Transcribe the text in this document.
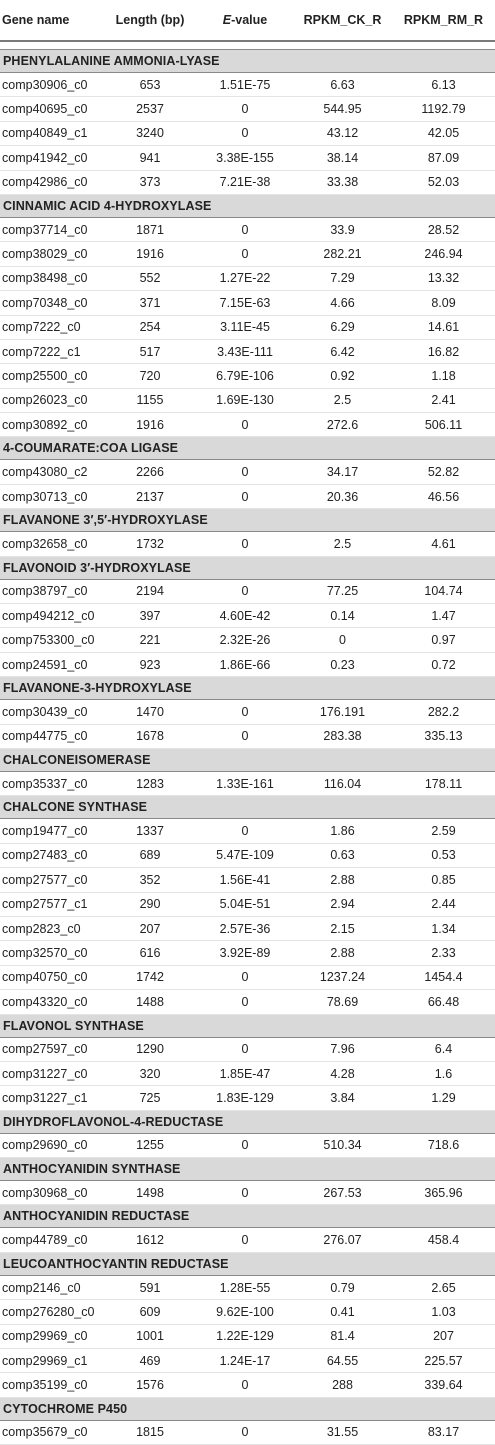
Gene name	Length (bp)	E-value	RPKM_CK_R	RPKM_RM_R

PHENYLALANINE AMMONIA-LYASE				
comp30906_c0	653	1.51E-75	6.63	6.13
comp40695_c0	2537	0	544.95	1192.79
comp40849_c1	3240	0	43.12	42.05
comp41942_c0	941	3.38E-155	38.14	87.09
comp42986_c0	373	7.21E-38	33.38	52.03
CINNAMIC ACID 4-HYDROXYLASE				
comp37714_c0	1871	0	33.9	28.52
comp38029_c0	1916	0	282.21	246.94
comp38498_c0	552	1.27E-22	7.29	13.32
comp70348_c0	371	7.15E-63	4.66	8.09
comp7222_c0	254	3.11E-45	6.29	14.61
comp7222_c1	517	3.43E-111	6.42	16.82
comp25500_c0	720	6.79E-106	0.92	1.18
comp26023_c0	1155	1.69E-130	2.5	2.41
comp30892_c0	1916	0	272.6	506.11
4-COUMARATE:COA LIGASE				
comp43080_c2	2266	0	34.17	52.82
comp30713_c0	2137	0	20.36	46.56
FLAVANONE 3′,5′-HYDROXYLASE				
comp32658_c0	1732	0	2.5	4.61
FLAVONOID 3′-HYDROXYLASE				
comp38797_c0	2194	0	77.25	104.74
comp494212_c0	397	4.60E-42	0.14	1.47
comp753300_c0	221	2.32E-26	0	0.97
comp24591_c0	923	1.86E-66	0.23	0.72
FLAVANONE-3-HYDROXYLASE				
comp30439_c0	1470	0	176.191	282.2
comp44775_c0	1678	0	283.38	335.13
CHALCONEISOMERASE				
comp35337_c0	1283	1.33E-161	116.04	178.11
CHALCONE SYNTHASE				
comp19477_c0	1337	0	1.86	2.59
comp27483_c0	689	5.47E-109	0.63	0.53
comp27577_c0	352	1.56E-41	2.88	0.85
comp27577_c1	290	5.04E-51	2.94	2.44
comp2823_c0	207	2.57E-36	2.15	1.34
comp32570_c0	616	3.92E-89	2.88	2.33
comp40750_c0	1742	0	1237.24	1454.4
comp43320_c0	1488	0	78.69	66.48
FLAVONOL SYNTHASE				
comp27597_c0	1290	0	7.96	6.4
comp31227_c0	320	1.85E-47	4.28	1.6
comp31227_c1	725	1.83E-129	3.84	1.29
DIHYDROFLAVONOL-4-REDUCTASE				
comp29690_c0	1255	0	510.34	718.6
ANTHOCYANIDIN SYNTHASE				
comp30968_c0	1498	0	267.53	365.96
ANTHOCYANIDIN REDUCTASE				
comp44789_c0	1612	0	276.07	458.4
LEUCOANTHOCYANTIN REDUCTASE				
comp2146_c0	591	1.28E-55	0.79	2.65
comp276280_c0	609	9.62E-100	0.41	1.03
comp29969_c0	1001	1.22E-129	81.4	207
comp29969_c1	469	1.24E-17	64.55	225.57
comp35199_c0	1576	0	288	339.64
CYTOCHROME P450				
comp35679_c0	1815	0	31.55	83.17
